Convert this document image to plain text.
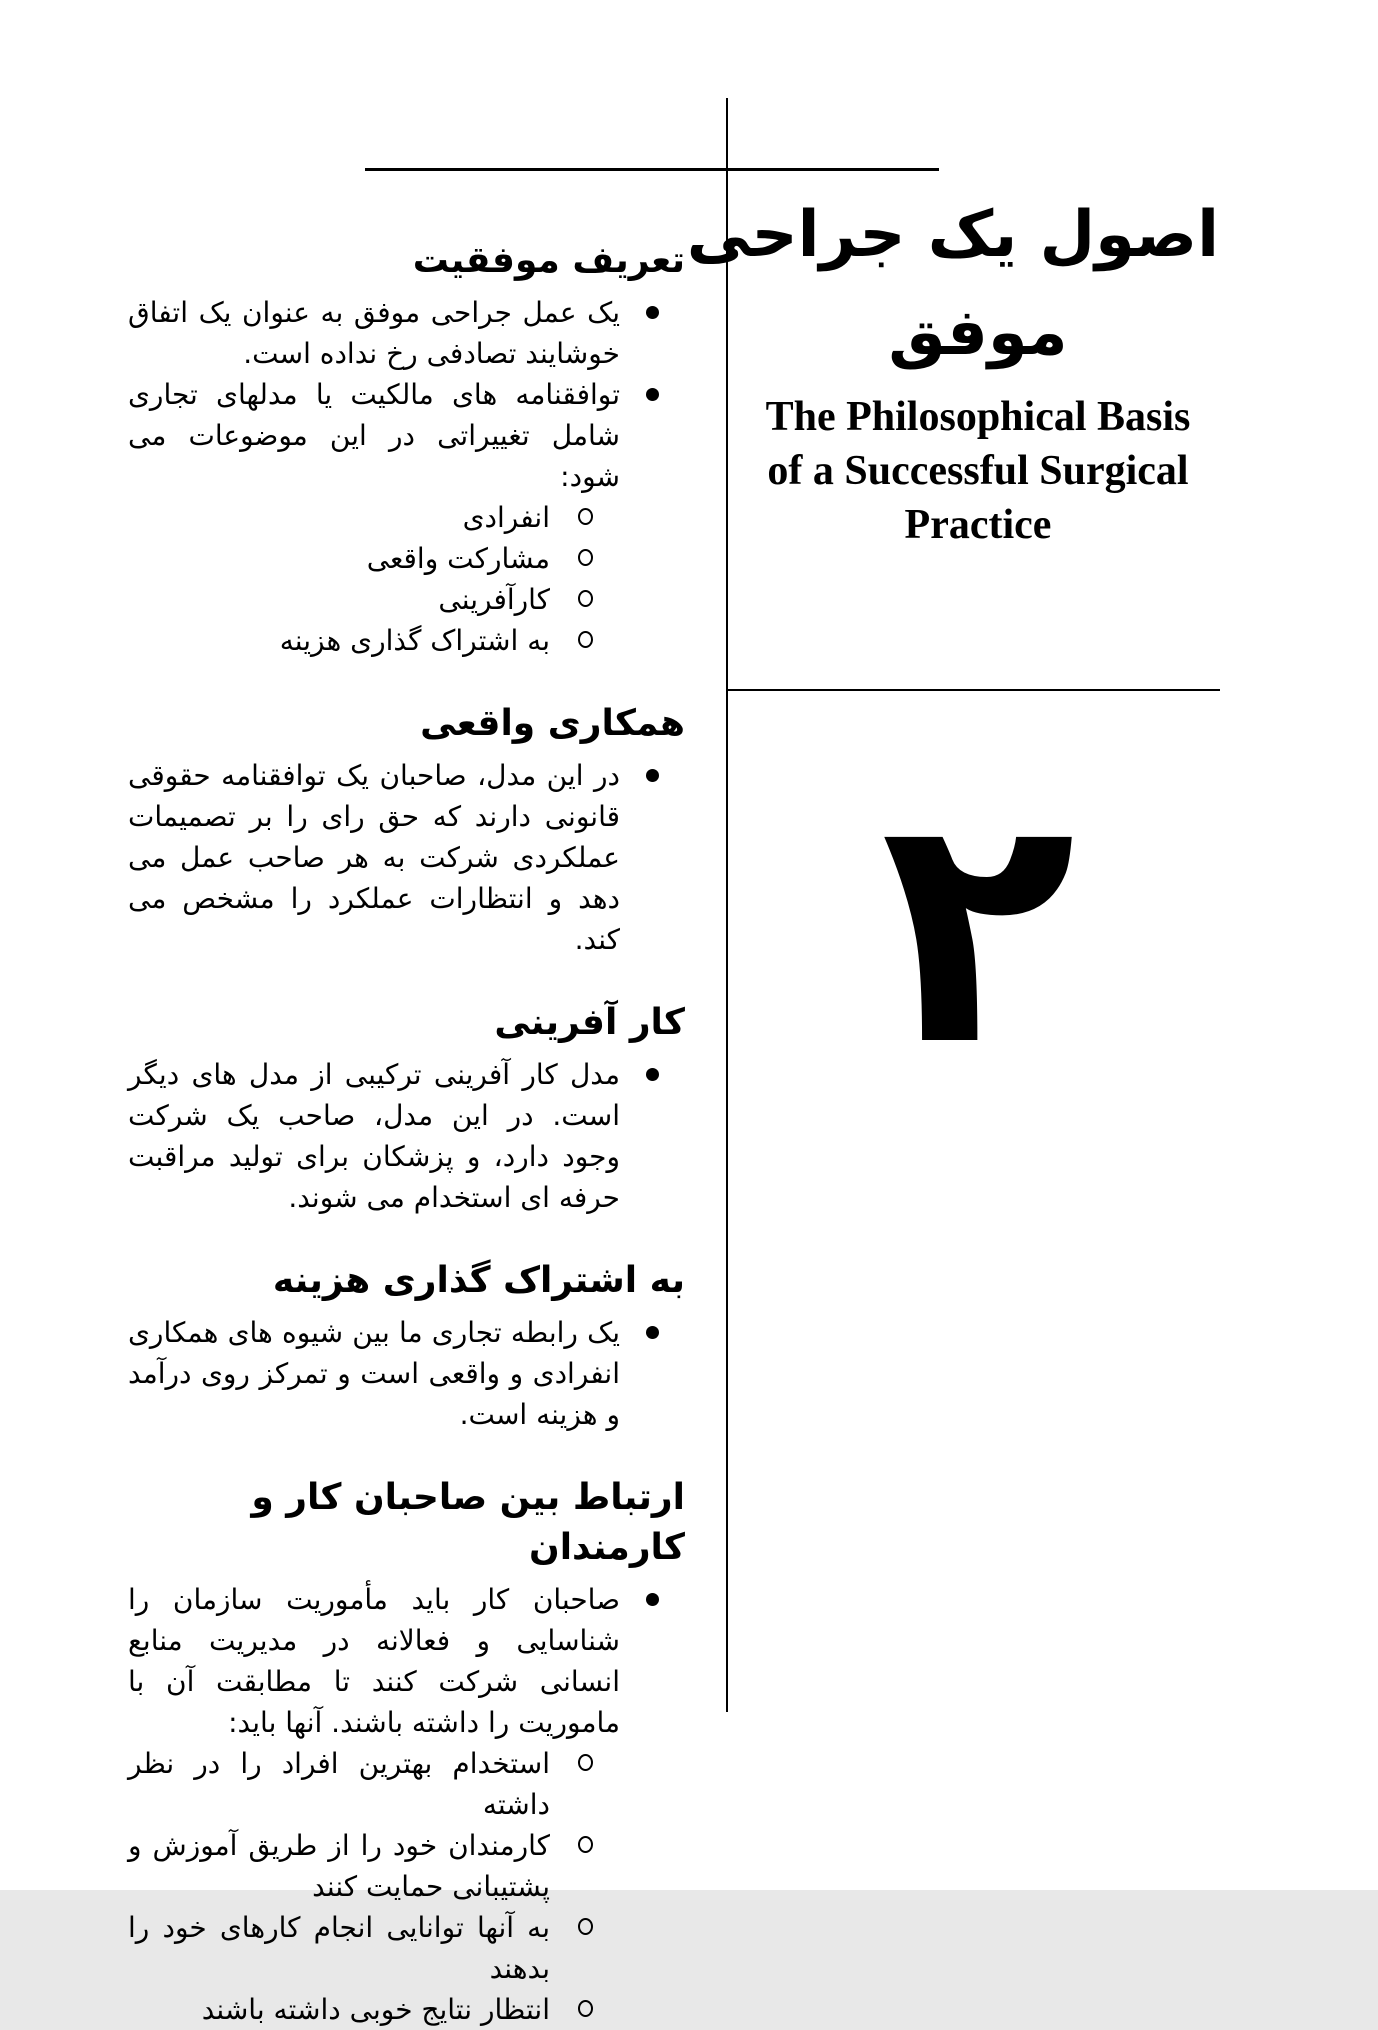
اصول یک جراحی
موفق
The Philosophical Basis
of a Successful Surgical
Practice
۲
تعریف موفقیت
یک عمل جراحی موفق به عنوان یک اتفاق خوشایند تصادفی رخ نداده است.
توافقنامه های مالکیت یا مدلهای تجاری شامل تغییراتی در این موضوعات می شود:
انفرادی
مشارکت واقعی
کارآفرینی
به اشتراک گذاری هزینه
همکاری واقعی
در این مدل، صاحبان یک توافقنامه حقوقی قانونی دارند که حق رای را بر تصمیمات عملکردی شرکت به هر صاحب عمل می دهد و انتظارات عملکرد را مشخص می کند.
کار آفرینی
مدل کار آفرینی ترکیبی از مدل های دیگر است. در این مدل، صاحب یک شرکت وجود دارد، و پزشکان برای تولید مراقبت حرفه ای استخدام می شوند.
به اشتراک گذاری هزینه
یک رابطه تجاری ما بین شیوه های همکاری انفرادی و واقعی است و تمرکز روی درآمد و هزینه است.
ارتباط بین صاحبان کار و کارمندان
صاحبان کار باید مأموریت سازمان را شناسایی و فعالانه در مدیریت منابع انسانی شرکت کنند تا مطابقت آن با ماموریت را داشته باشند. آنها باید:
استخدام بهترین افراد را در نظر داشته
کارمندان خود را از طریق آموزش و پشتیبانی حمایت کنند
به آنها توانایی انجام کارهای خود را بدهند
انتظار نتایج خوبی داشته باشند
